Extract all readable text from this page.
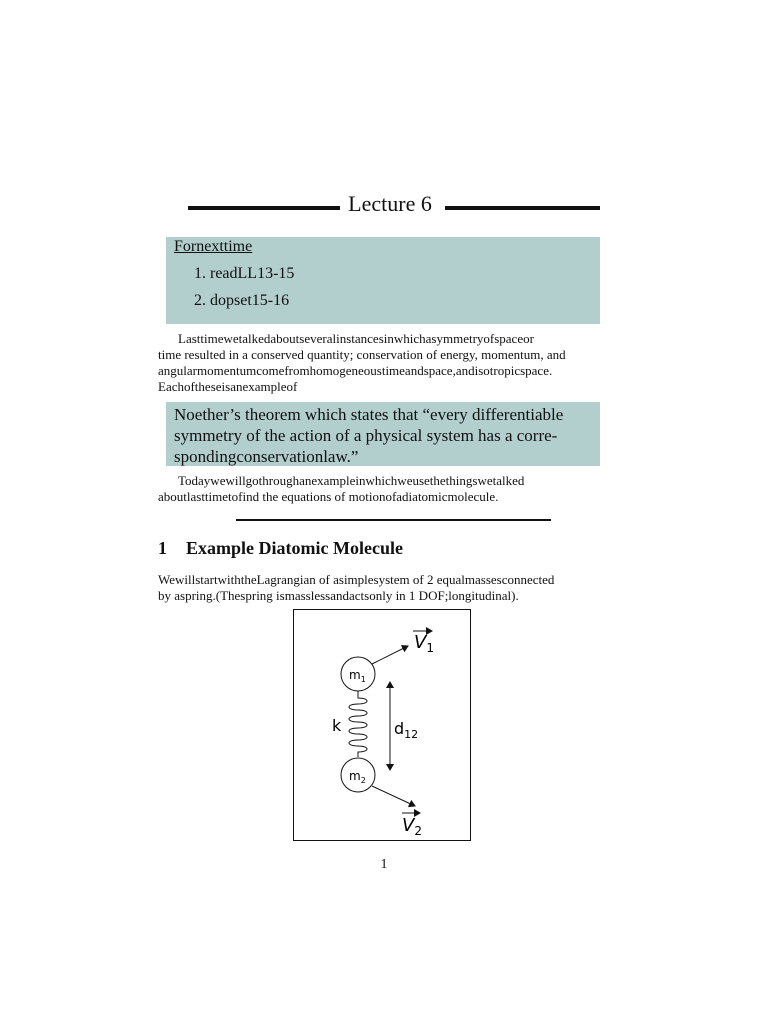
Lecture 6
Fornexttime
1. readLL13-15
2. dopset15-16

Lasttimewetalkedaboutseveralinstancesinwhichasymmetryofspaceor

time resulted in a conserved quantity; conservation of energy, momentum, and

angularmomentumcomefromhomogeneoustimeandspace,andisotropicspace.

Eachoftheseisanexampleof

Noether’s theorem which states that “every differentiable
symmetry of the action of a physical system has a corre-
spondingconservationlaw.”

Todaywewillgothroughanexampleinwhichweusethethingswetalked

aboutlasttimetofind the equations of motionofadiatomicmolecule.

1 Example Diatomic Molecule

WewillstartwiththeLagrangian of asimplesystem of 2 equalmassesconnected

by aspring.(Thespring ismasslessandactsonly in 1 DOF;longitudinal).

$V_1$
$m_1$
k
$m_2$
$d_{12}$
$V_2$
1
